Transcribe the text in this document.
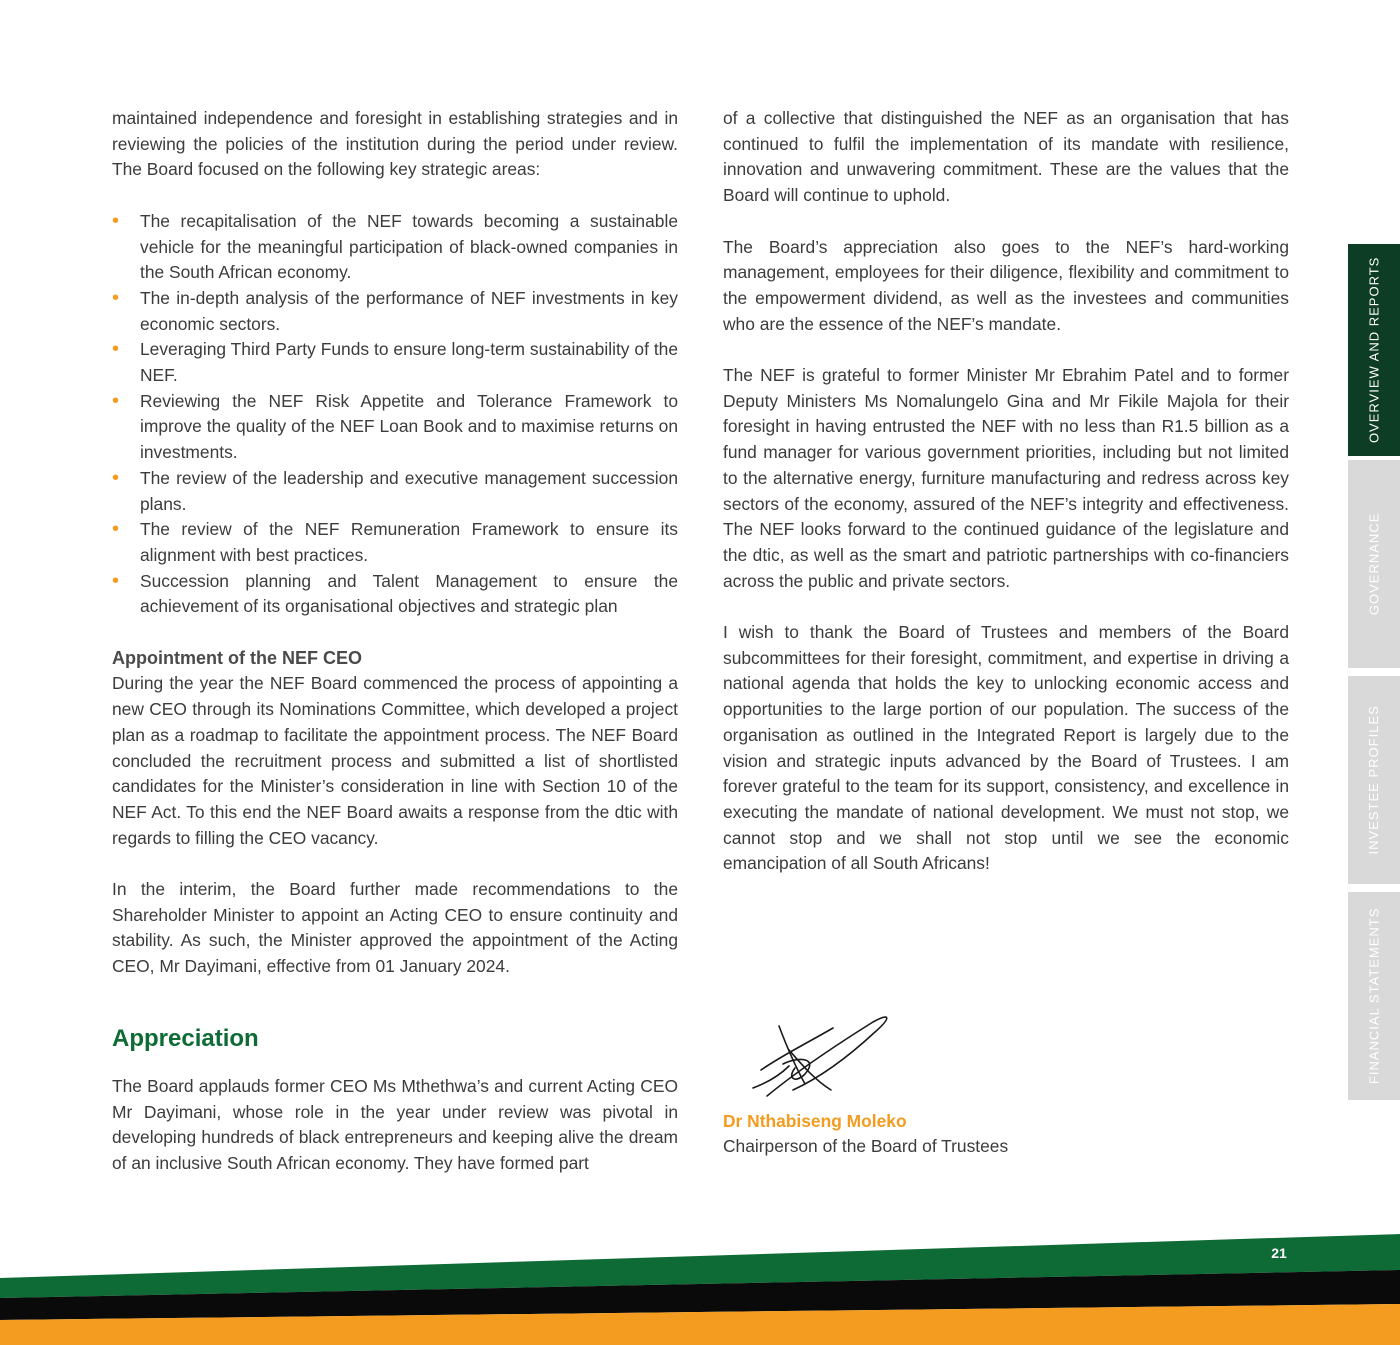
maintained independence and foresight in establishing strategies and in reviewing the policies of the institution during the period under review. The Board focused on the following key strategic areas:

• The recapitalisation of the NEF towards becoming a sustainable vehicle for the meaningful participation of black-owned companies in the South African economy.
• The in-depth analysis of the performance of NEF investments in key economic sectors.
• Leveraging Third Party Funds to ensure long-term sustainability of the NEF.
• Reviewing the NEF Risk Appetite and Tolerance Framework to improve the quality of the NEF Loan Book and to maximise returns on investments.
• The review of the leadership and executive management succession plans.
• The review of the NEF Remuneration Framework to ensure its alignment with best practices.
• Succession planning and Talent Management to ensure the achievement of its organisational objectives and strategic plan
Appointment of the NEF CEO

During the year the NEF Board commenced the process of appointing a new CEO through its Nominations Committee, which developed a project plan as a roadmap to facilitate the appointment process. The NEF Board concluded the recruitment process and submitted a list of shortlisted candidates for the Minister’s consideration in line with Section 10 of the NEF Act. To this end the NEF Board awaits a response from the dtic with regards to filling the CEO vacancy.

In the interim, the Board further made recommendations to the Shareholder Minister to appoint an Acting CEO to ensure continuity and stability. As such, the Minister approved the appointment of the Acting CEO, Mr Dayimani, effective from 01 January 2024.

Appreciation

The Board applauds former CEO Ms Mthethwa’s and current Acting CEO Mr Dayimani, whose role in the year under review was pivotal in developing hundreds of black entrepreneurs and keeping alive the dream of an inclusive South African economy. They have formed part

of a collective that distinguished the NEF as an organisation that has continued to fulfil the implementation of its mandate with resilience, innovation and unwavering commitment. These are the values that the Board will continue to uphold.

The Board’s appreciation also goes to the NEF’s hard-working management, employees for their diligence, flexibility and commitment to the empowerment dividend, as well as the investees and communities who are the essence of the NEF’s mandate.

The NEF is grateful to former Minister Mr Ebrahim Patel and to former Deputy Ministers Ms Nomalungelo Gina and Mr Fikile Majola for their foresight in having entrusted the NEF with no less than R1.5 billion as a fund manager for various government priorities, including but not limited to the alternative energy, furniture manufacturing and redress across key sectors of the economy, assured of the NEF’s integrity and effectiveness. The NEF looks forward to the continued guidance of the legislature and the dtic, as well as the smart and patriotic partnerships with co-financiers across the public and private sectors.

I wish to thank the Board of Trustees and members of the Board subcommittees for their foresight, commitment, and expertise in driving a national agenda that holds the key to unlocking economic access and opportunities to the large portion of our population. The success of the organisation as outlined in the Integrated Report is largely due to the vision and strategic inputs advanced by the Board of Trustees. I am forever grateful to the team for its support, consistency, and excellence in executing the mandate of national development. We must not stop, we cannot stop and we shall not stop until we see the economic emancipation of all South Africans!

Dr Nthabiseng Moleko
Chairperson of the Board of Trustees
OVERVIEW AND REPORTS
GOVERNANCE
INVESTEE PROFILES
FINANCIAL STATEMENTS
21
